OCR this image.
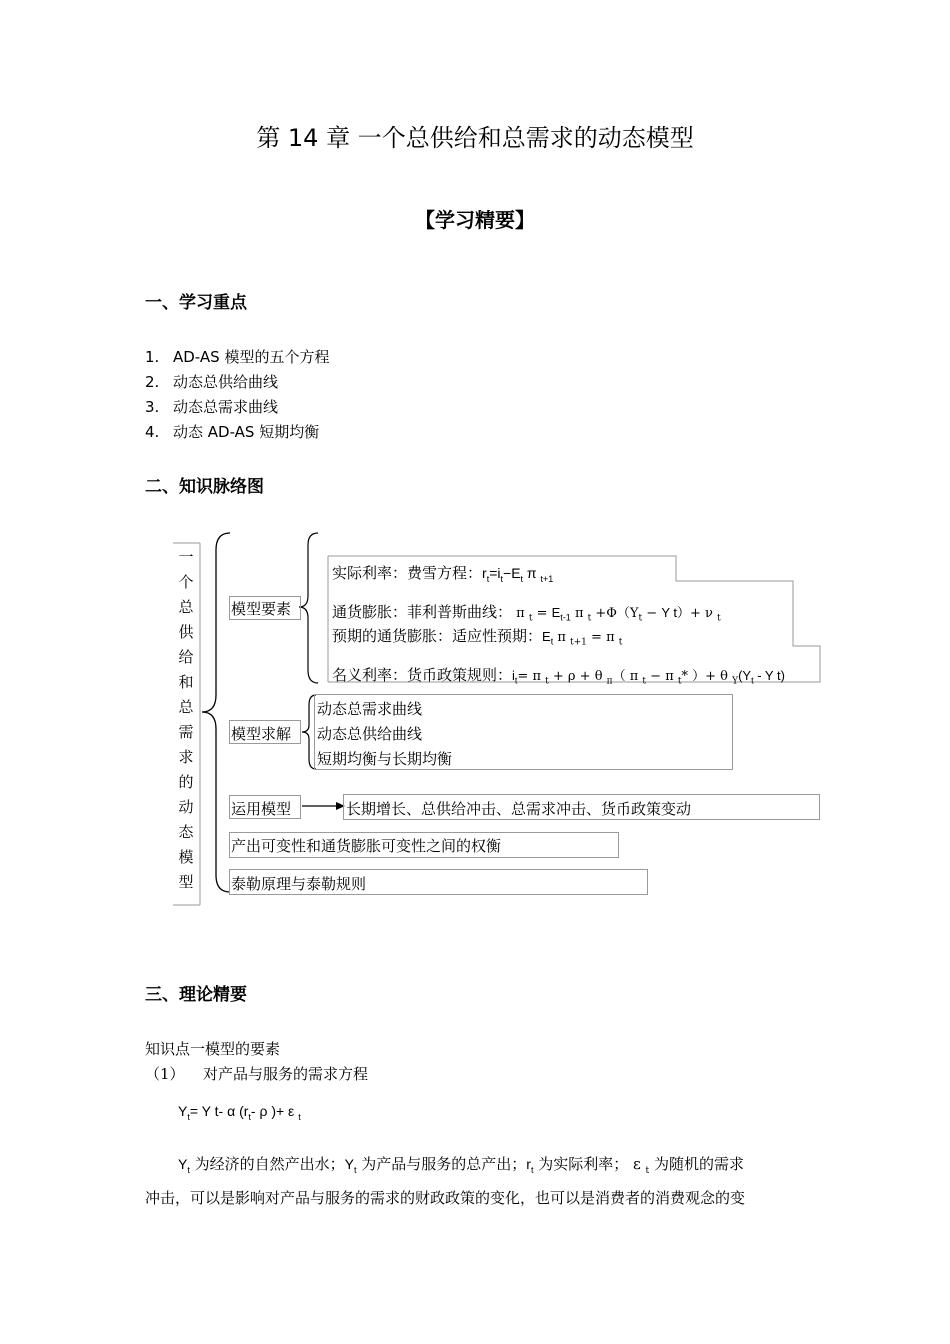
第 14 章 一个总供给和总需求的动态模型
【学习精要】
一、学习重点
1. AD-AS 模型的五个方程
2. 动态总供给曲线
3. 动态总需求曲线
4. 动态 AD-AS 短期均衡
二、知识脉络图
一
个
总
供
给
和
总
需
求
的
动
态
模
型
模型要素
实际利率：费雪方程：$r_t=i_t-E_t$ π $_{t+1}$
通货膨胀：菲利普斯曲线： π $_t = E_{t-1}$ π $_t +\Phi(Y_t - Y$ t）+ ν $_t$
预期的通货膨胀：适应性预期：$E_t$ π $_{t+1}$ = π $_t$
名义利率：货币政策规则：$i_t= \pi$ $_t$ + ρ + θ $_\pi$（ π $_t$ − π $_t$* ）+ θ $_Y(Y_t$ - Y t)
模型求解
动态总需求曲线
动态总供给曲线
短期均衡与长期均衡
运用模型	长期增长、总供给冲击、总需求冲击、货币政策变动
产出可变性和通货膨胀可变性之间的权衡
泰勒原理与泰勒规则
三、理论精要
知识点一模型的要素
（1） 对产品与服务的需求方程
$Y_t= Y$ t- α ($r_t-$ ρ )+ ε $_t$
$Y_t$ 为经济的自然产出水；$Y_t$ 为产品与服务的总产出；$r_t$ 为实际利率； ε $_t$ 为随机的需求
冲击，可以是影响对产品与服务的需求的财政政策的变化，也可以是消费者的消费观念的变
